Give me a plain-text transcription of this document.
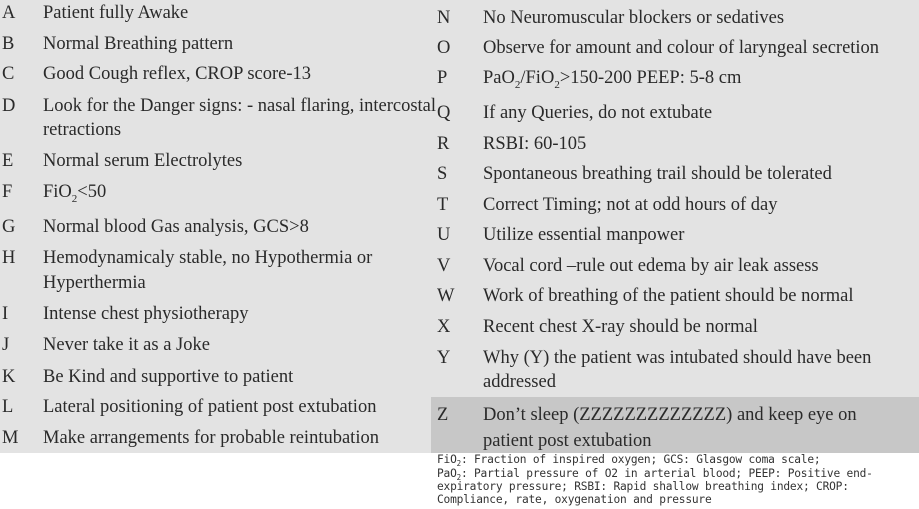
A Patient fully Awake
B Normal Breathing pattern
C Good Cough reflex, CROP score-13
D Look for the Danger signs: - nasal flaring, intercostal
retractions
E Normal serum Electrolytes
F FiO$_2$<50
G Normal blood Gas analysis, GCS>8
H Hemodynamicaly stable, no Hypothermia or
Hyperthermia
I Intense chest physiotherapy
J Never take it as a Joke
K Be Kind and supportive to patient
L Lateral positioning of patient post extubation
M Make arrangements for probable reintubation
N No Neuromuscular blockers or sedatives
O Observe for amount and colour of laryngeal secretion
P PaO$_2$/FiO$_2$>150-200 PEEP: 5-8 cm
Q If any Queries, do not extubate
R RSBI: 60-105
S Spontaneous breathing trail should be tolerated
T Correct Timing; not at odd hours of day
U Utilize essential manpower
V Vocal cord –rule out edema by air leak assess
W Work of breathing of the patient should be normal
X Recent chest X-ray should be normal
Y Why (Y) the patient was intubated should have been
addressed
Z Don’t sleep (ZZZZZZZZZZZZZ) and keep eye on
patient post extubation
FiO$_2$: Fraction of inspired oxygen; GCS: Glasgow coma scale;
PaO$_2$: Partial pressure of O2 in arterial blood; PEEP: Positive end-
expiratory pressure; RSBI: Rapid shallow breathing index; CROP:
Compliance, rate, oxygenation and pressure
